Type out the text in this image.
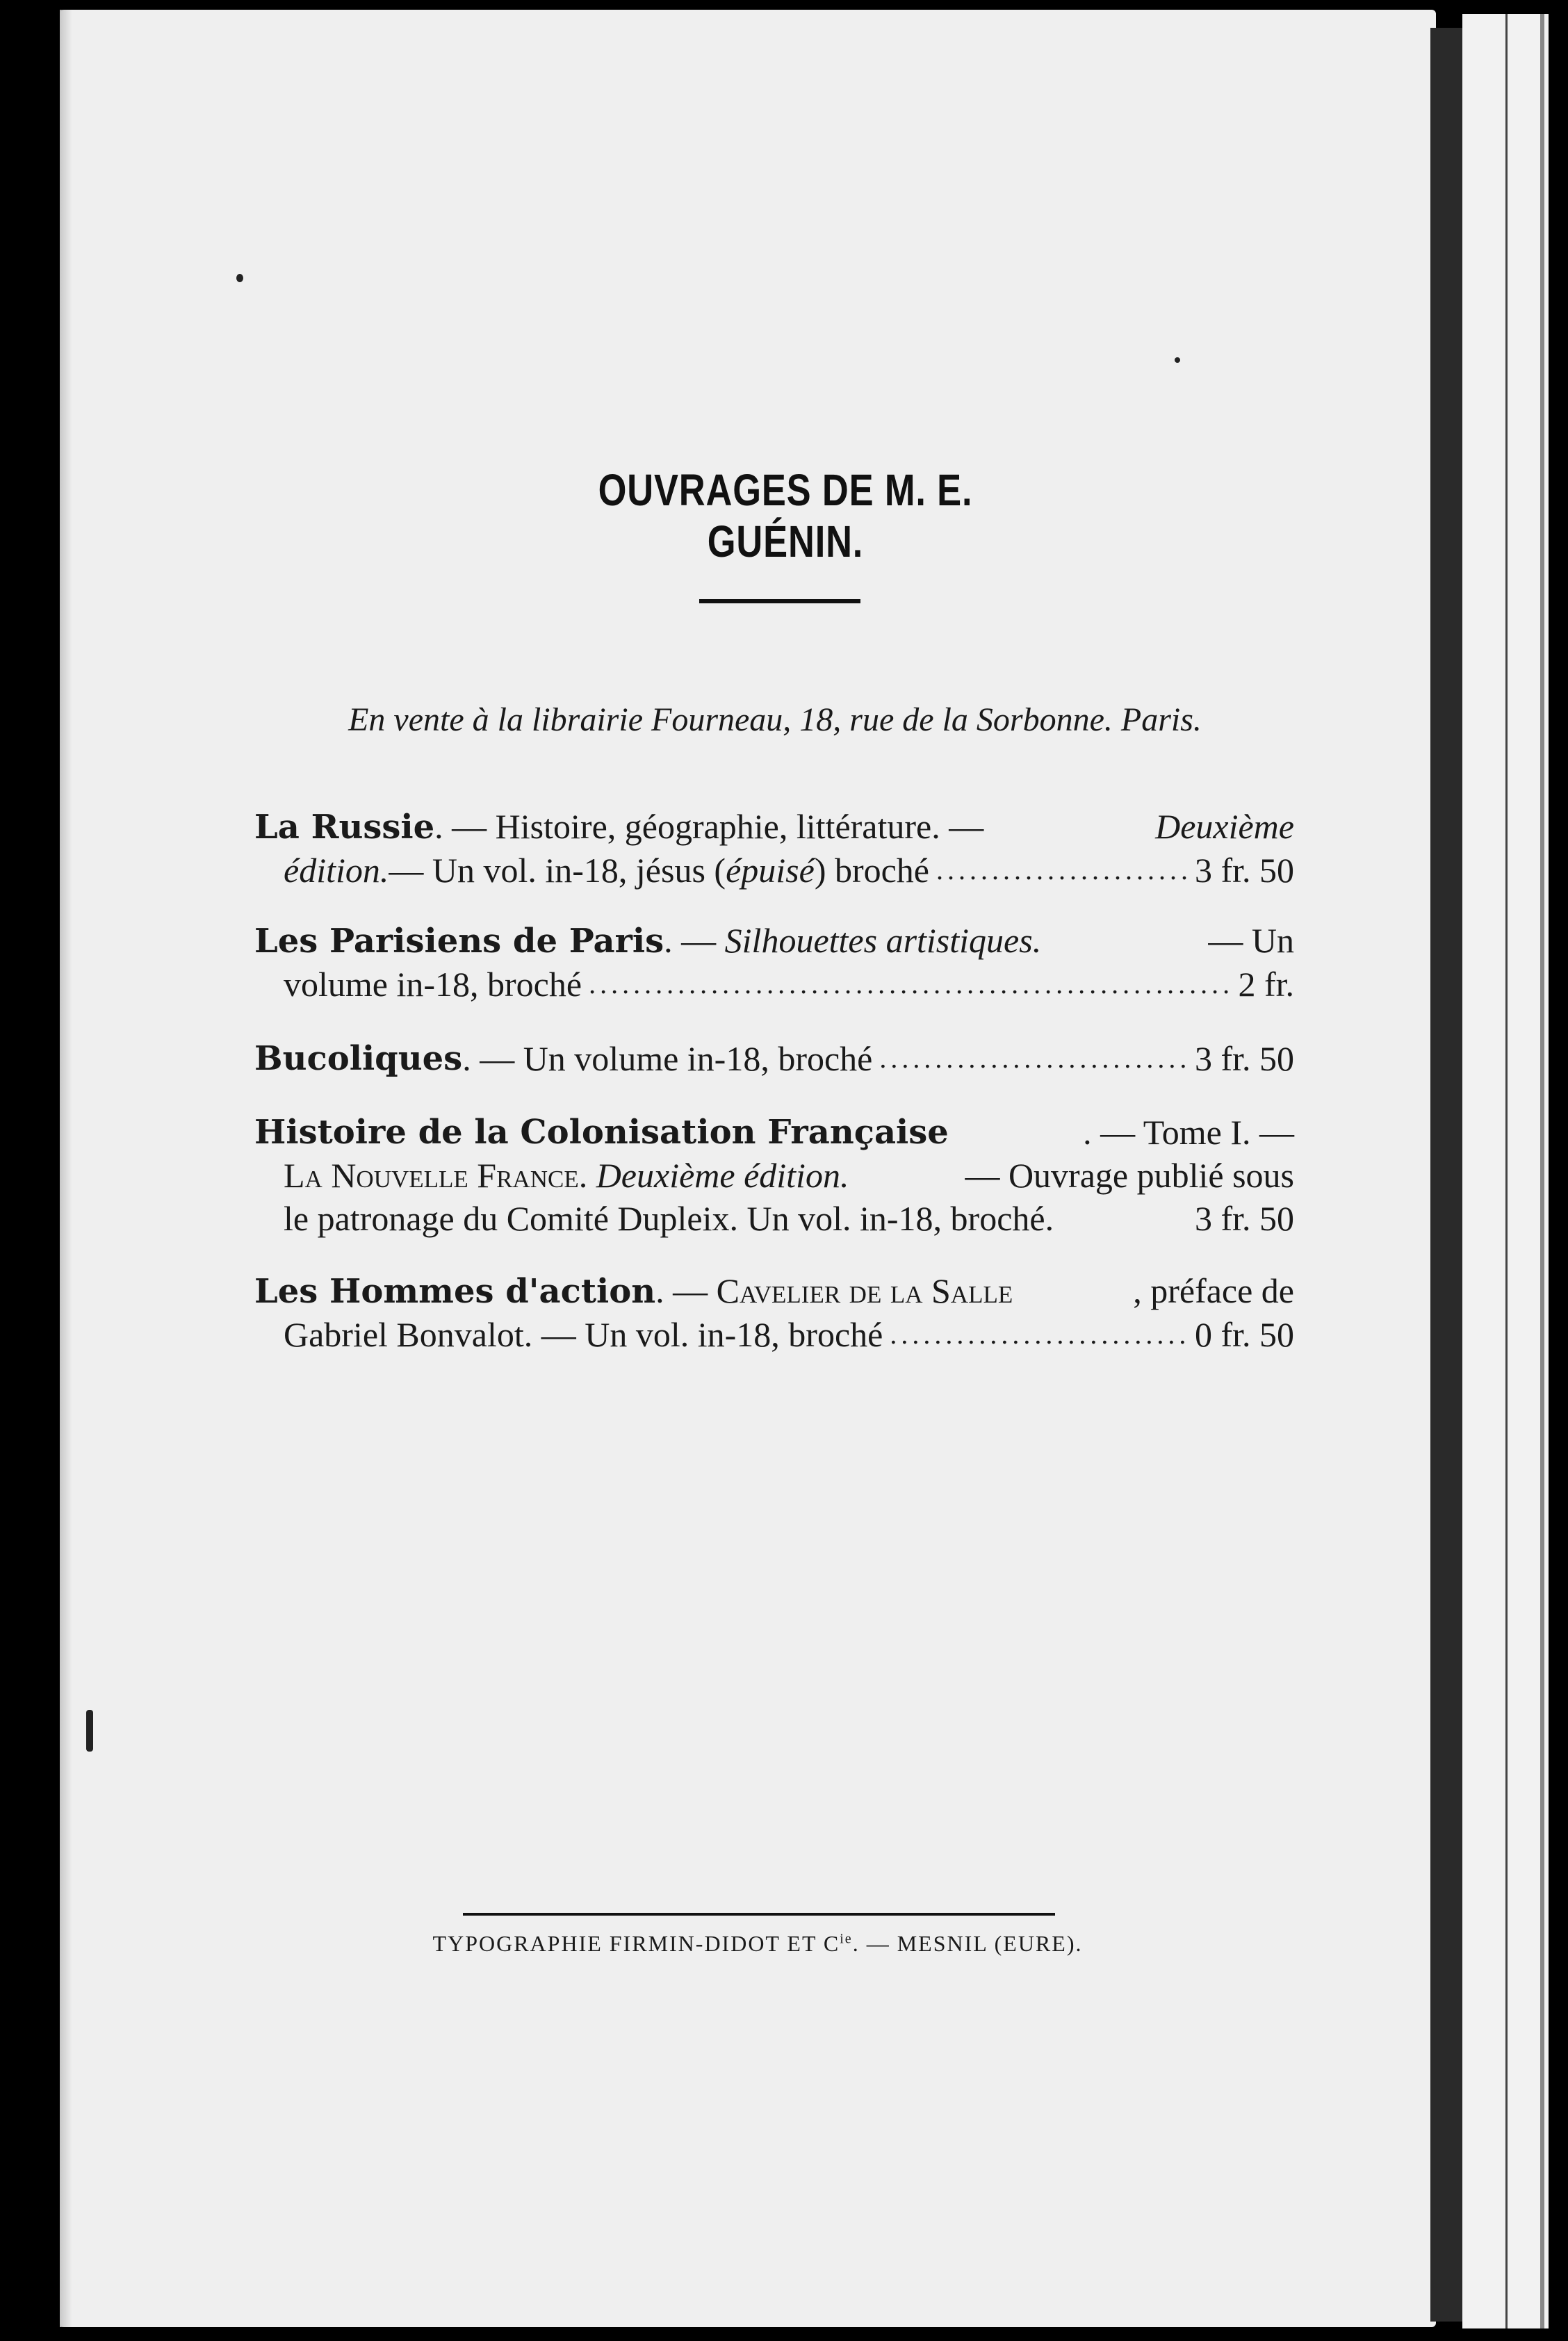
OUVRAGES DE M. E. GUÉNIN.
En vente à la librairie Fourneau, 18, rue de la Sorbonne. Paris.
La Russie. — Histoire, géographie, littérature. —	Deuxième
édition. — Un vol. in-18, jésus ( épuisé ) broché .....	3 fr. 50
Les Parisiens de Paris. — Silhouettes artistiques.	— Un
volume in-18, broché .....	2 fr.
Bucoliques . — Un volume in-18, broché .....	3 fr. 50
Histoire de la Colonisation Française	. — Tome I. —
La Nouvelle France. Deuxième édition.	— Ouvrage publié sous
le patronage du Comité Dupleix. Un vol. in-18, broché.	3 fr. 50
Les Hommes d'action. — Cavelier de la Salle	, préface de
Gabriel Bonvalot. — Un vol. in-18, broché .....	0 fr. 50
TYPOGRAPHIE FIRMIN-DIDOT ET $C^{ie}$. — MESNIL (EURE).
